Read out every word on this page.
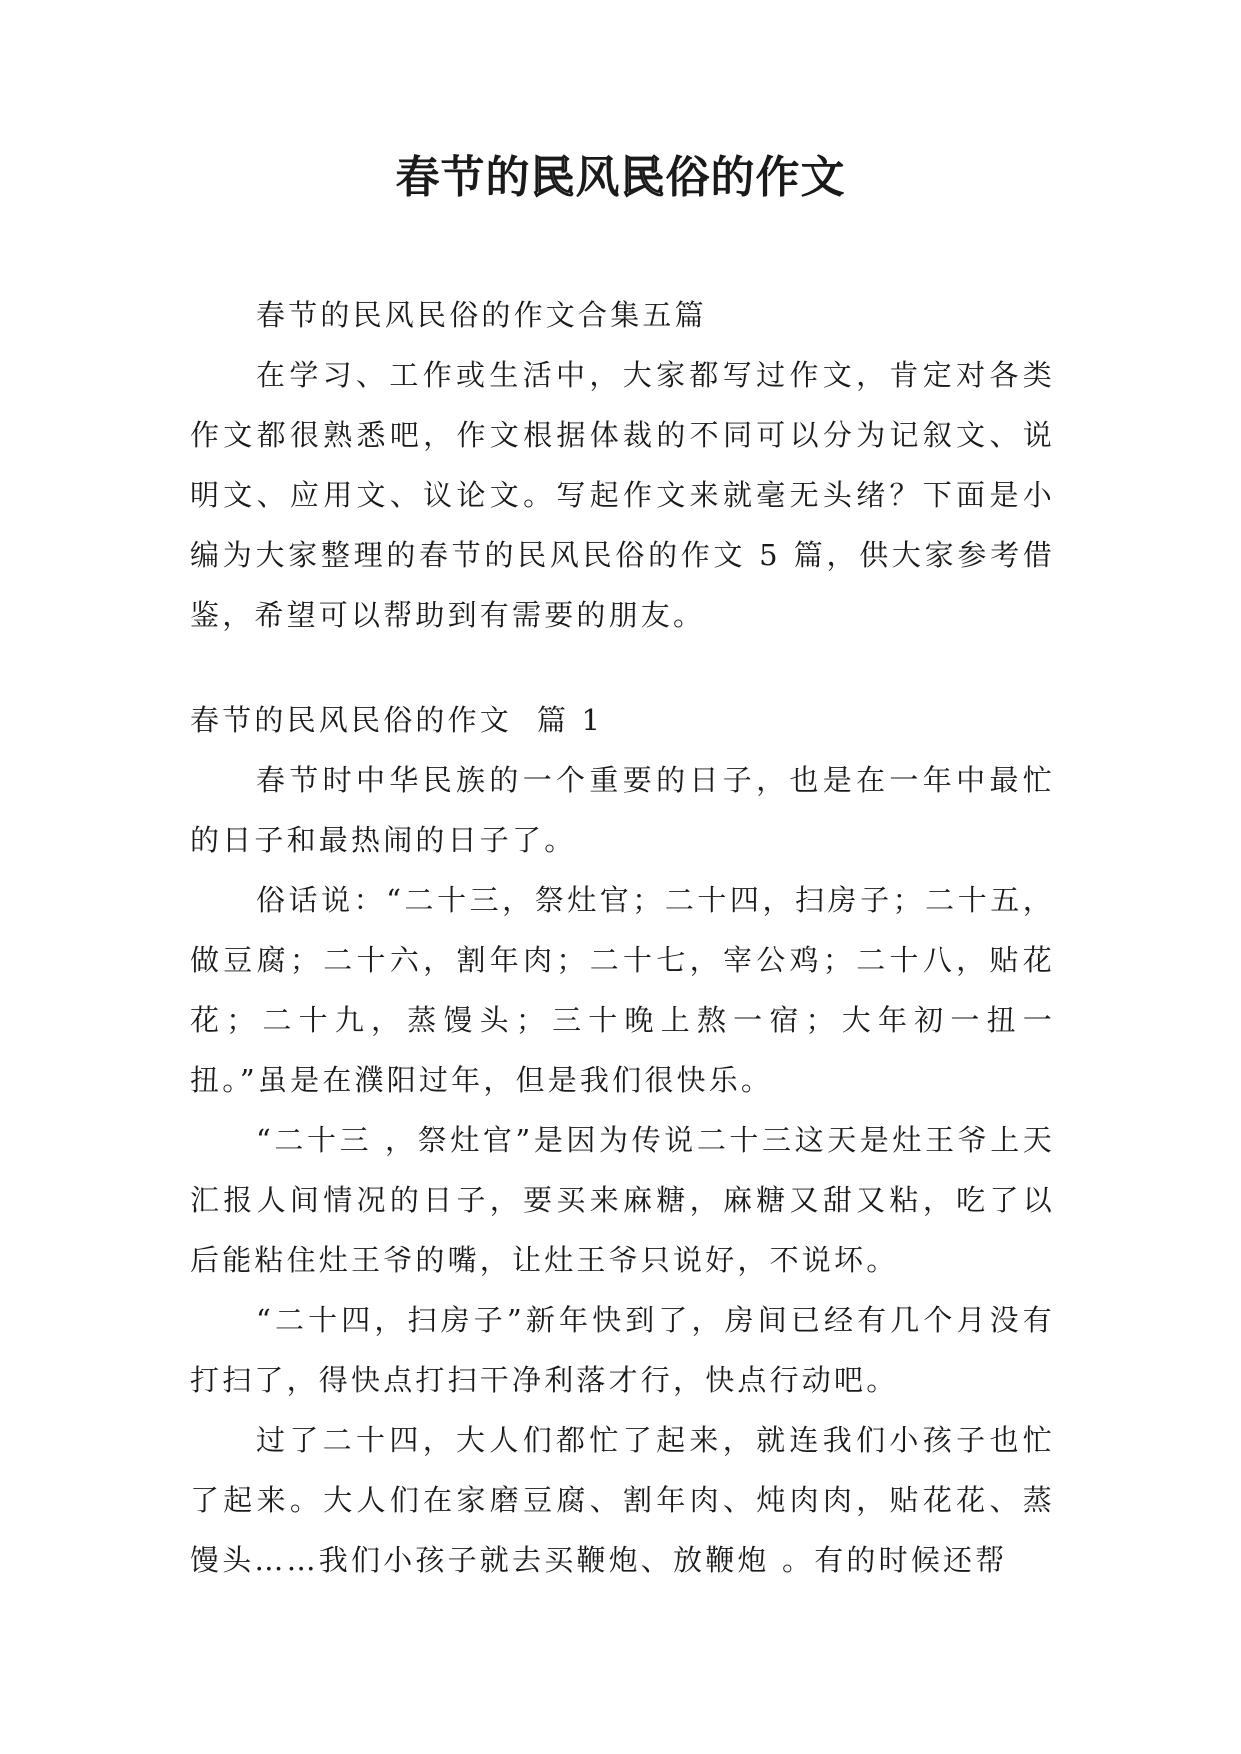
春节的民风民俗的作文

春节的民风民俗的作文合集五篇

在学习、工作或生活中，大家都写过作文，肯定对各类作文都很熟悉吧，作文根据体裁的不同可以分为记叙文、说明文、应用文、议论文。写起作文来就毫无头绪？下面是小编为大家整理的春节的民风民俗的作文 5 篇，供大家参考借鉴，希望可以帮助到有需要的朋友。

春节的民风民俗的作文  篇 1

春节时中华民族的一个重要的日子，也是在一年中最忙的日子和最热闹的日子了。

俗话说：“二十三，祭灶官；二十四，扫房子；二十五，做豆腐；二十六，割年肉；二十七，宰公鸡；二十八，贴花花；二十九，蒸馒头；三十晚上熬一宿；大年初一扭一扭。”虽是在濮阳过年，但是我们很快乐。

“二十三 ，祭灶官”是因为传说二十三这天是灶王爷上天汇报人间情况的日子，要买来麻糖，麻糖又甜又粘，吃了以后能粘住灶王爷的嘴，让灶王爷只说好，不说坏。

“二十四，扫房子”新年快到了，房间已经有几个月没有打扫了，得快点打扫干净利落才行，快点行动吧。

过了二十四，大人们都忙了起来，就连我们小孩子也忙了起来。大人们在家磨豆腐、割年肉、炖肉肉，贴花花、蒸馒头……我们小孩子就去买鞭炮、放鞭炮 。有的时候还帮
